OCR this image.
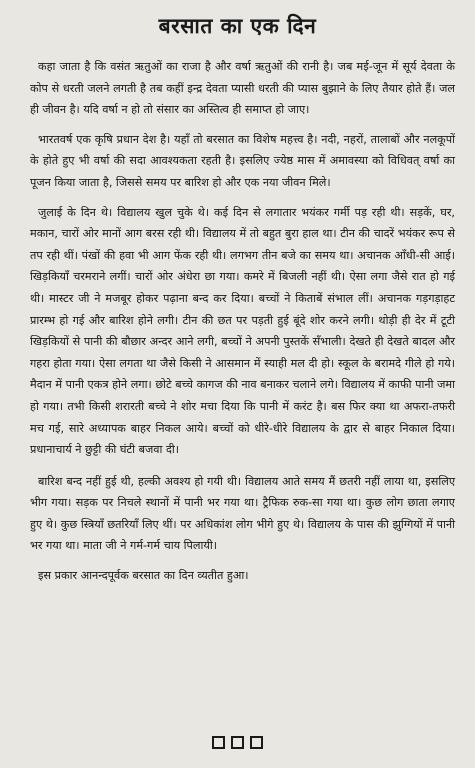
बरसात का एक दिन

कहा जाता है कि वसंत ऋतुओं का राजा है और वर्षा ऋतुओं की रानी है। जब मई-जून में सूर्य देवता के कोप से धरती जलने लगती है तब कहीं इन्द्र देवता प्यासी धरती की प्यास बुझाने के लिए तैयार होते हैं। जल ही जीवन है। यदि वर्षा न हो तो संसार का अस्तित्व ही समाप्त हो जाए।

भारतवर्ष एक कृषि प्रधान देश है। यहाँ तो बरसात का विशेष महत्त्व है। नदी, नहरों, तालाबों और नलकूपों के होते हुए भी वर्षा की सदा आवश्यकता रहती है। इसलिए ज्येष्ठ मास में अमावस्या को विधिवत् वर्षा का पूजन किया जाता है, जिससे समय पर बारिश हो और एक नया जीवन मिले।

जुलाई के दिन थे। विद्यालय खुल चुके थे। कई दिन से लगातार भयंकर गर्मी पड़ रही थी। सड़कें, घर, मकान, चारों ओर मानों आग बरस रही थी। विद्यालय में तो बहुत बुरा हाल था। टीन की चादरें भयंकर रूप से तप रही थीं। पंखों की हवा भी आग फेंक रही थी। लगभग तीन बजे का समय था। अचानक आँधी-सी आई। खिड़कियाँ चरमराने लगीं। चारों ओर अंधेरा छा गया। कमरे में बिजली नहीं थी। ऐसा लगा जैसे रात हो गई थी। मास्टर जी ने मजबूर होकर पढ़ाना बन्द कर दिया। बच्चों ने किताबें संभाल लीं। अचानक गड़गड़ाहट प्रारम्भ हो गई और बारिश होने लगी। टीन की छत पर पड़ती हुई बूंदे शोर करने लगी। थोड़ी ही देर में टूटी खिड़कियों से पानी की बौछार अन्दर आने लगी, बच्चों ने अपनी पुस्तकें सँभाली। देखते ही देखते बादल और गहरा होता गया। ऐसा लगता था जैसे किसी ने आसमान में स्याही मल दी हो। स्कूल के बरामदे गीले हो गये। मैदान में पानी एकत्र होने लगा। छोटे बच्चे कागज की नाव बनाकर चलाने लगे। विद्यालय में काफी पानी जमा हो गया। तभी किसी शरारती बच्चे ने शोर मचा दिया कि पानी में करंट है। बस फिर क्या था अफरा-तफरी मच गई, सारे अध्यापक बाहर निकल आये। बच्चों को धीरे-धीरे विद्यालय के द्वार से बाहर निकाल दिया। प्रधानाचार्य ने छुट्टी की घंटी बजवा दी।

बारिश बन्द नहीं हुई थी, हल्की अवश्य हो गयी थी। विद्यालय आते समय मैं छतरी नहीं लाया था, इसलिए भीग गया। सड़क पर निचले स्थानों में पानी भर गया था। ट्रैफिक रुक-सा गया था। कुछ लोग छाता लगाए हुए थे। कुछ स्त्रियाँ छतरियाँ लिए थीं। पर अधिकांश लोग भीगे हुए थे। विद्यालय के पास की झुग्गियों में पानी भर गया था। माता जी ने गर्म-गर्म चाय पिलायी।

इस प्रकार आनन्दपूर्वक बरसात का दिन व्यतीत हुआ।
